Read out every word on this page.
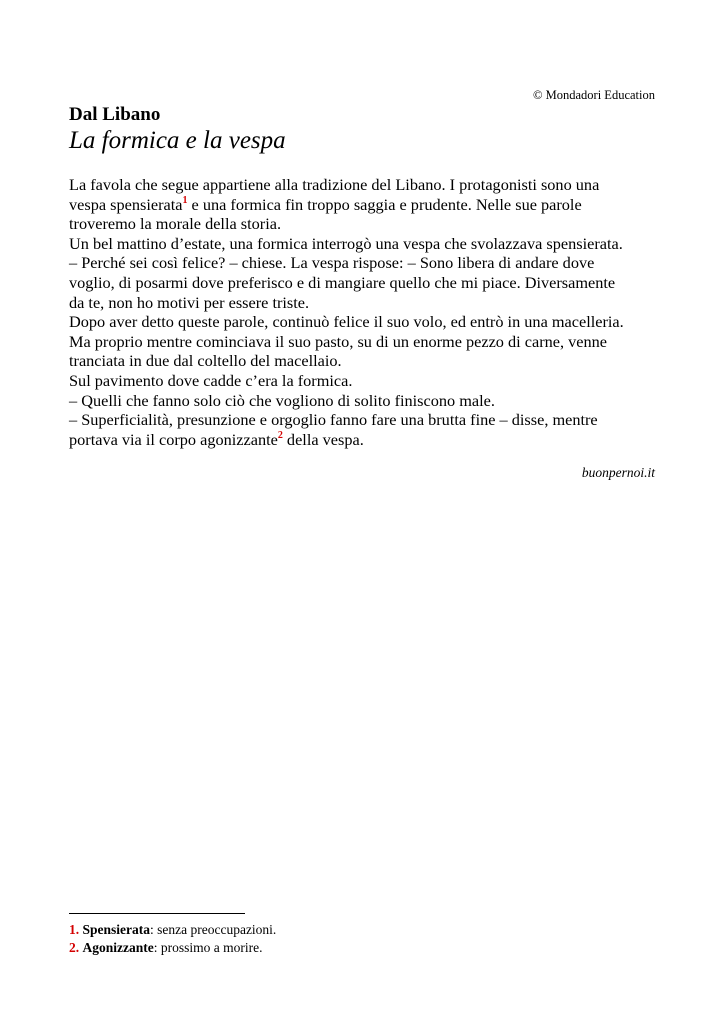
© Mondadori Education
Dal Libano
La formica e la vespa

La favola che segue appartiene alla tradizione del Libano. I protagonisti sono una

vespa spensierata$^1$ e una formica fin troppo saggia e prudente. Nelle sue parole

troveremo la morale della storia.

Un bel mattino d’estate, una formica interrogò una vespa che svolazzava spensierata.

– Perché sei così felice? – chiese. La vespa rispose: – Sono libera di andare dove

voglio, di posarmi dove preferisco e di mangiare quello che mi piace. Diversamente

da te, non ho motivi per essere triste.

Dopo aver detto queste parole, continuò felice il suo volo, ed entrò in una macelleria.

Ma proprio mentre cominciava il suo pasto, su di un enorme pezzo di carne, venne

tranciata in due dal coltello del macellaio.

Sul pavimento dove cadde c’era la formica.

– Quelli che fanno solo ciò che vogliono di solito finiscono male.

– Superficialità, presunzione e orgoglio fanno fare una brutta fine – disse, mentre

portava via il corpo agonizzante$^2$ della vespa.

buonpernoi.it
1. Spensierata: senza preoccupazioni.
2. Agonizzante: prossimo a morire.
